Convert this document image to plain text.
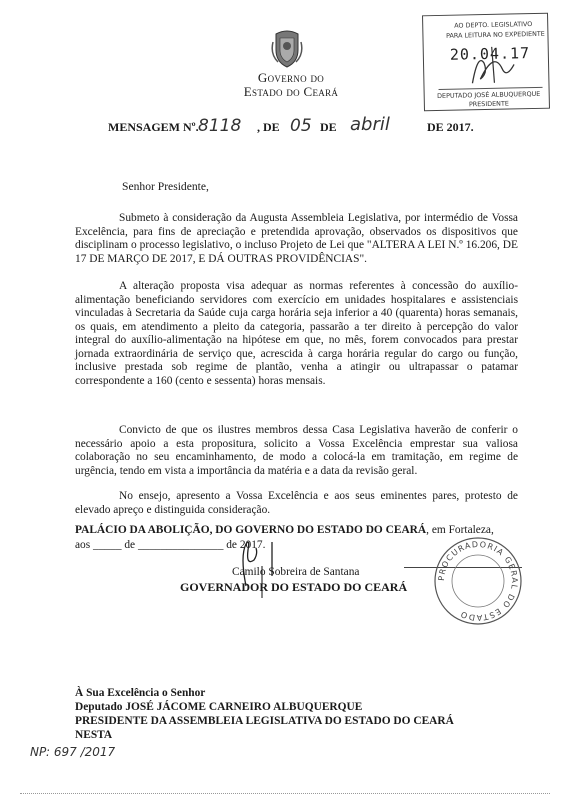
Governo do
Estado do Ceará
AO DEPTO. LEGISLATIVO
PARA LEITURA NO EXPEDIENTE
20.04.17
DEPUTADO JOSÉ ALBUQUERQUE
PRESIDENTE
MENSAGEM Nº. 8118 , DE 05 DE abril	DE 2017.
Senhor Presidente,
Submeto à consideração da Augusta Assembleia Legislativa, por intermédio de Vossa Excelência, para fins de apreciação e pretendida aprovação, observados os dispositivos que disciplinam o processo legislativo, o incluso Projeto de Lei que "ALTERA A LEI N.º 16.206, DE 17 DE MARÇO DE 2017, E DÁ OUTRAS PROVIDÊNCIAS".
A alteração proposta visa adequar as normas referentes à concessão do auxílio-alimentação beneficiando servidores com exercício em unidades hospitalares e assistenciais vinculadas à Secretaria da Saúde cuja carga horária seja inferior a 40 (quarenta) horas semanais, os quais, em atendimento a pleito da categoria, passarão a ter direito à percepção do valor integral do auxílio-alimentação na hipótese em que, no mês, forem convocados para prestar jornada extraordinária de serviço que, acrescida à carga horária regular do cargo ou função, inclusive prestada sob regime de plantão, venha a atingir ou ultrapassar o patamar correspondente a 160 (cento e sessenta) horas mensais.
Convicto de que os ilustres membros dessa Casa Legislativa haverão de conferir o necessário apoio a esta propositura, solicito a Vossa Excelência emprestar sua valiosa colaboração no seu encaminhamento, de modo a colocá-la em tramitação, em regime de urgência, tendo em vista a importância da matéria e a data da revisão geral.
No ensejo, apresento a Vossa Excelência e aos seus eminentes pares, protesto de elevado apreço e distinguida consideração.
PALÁCIO DA ABOLIÇÃO, DO GOVERNO DO ESTADO DO CEARÁ, em Fortaleza,
aos _____ de _______________ de 2017.
Camilo Sobreira de Santana
GOVERNADOR DO ESTADO DO CEARÁ
PROCURADORIA GERAL DO ESTADO
À Sua Excelência o Senhor
Deputado JOSÉ JÁCOME CARNEIRO ALBUQUERQUE
PRESIDENTE DA ASSEMBLEIA LEGISLATIVA DO ESTADO DO CEARÁ
NESTA
NP: 697 /2017
